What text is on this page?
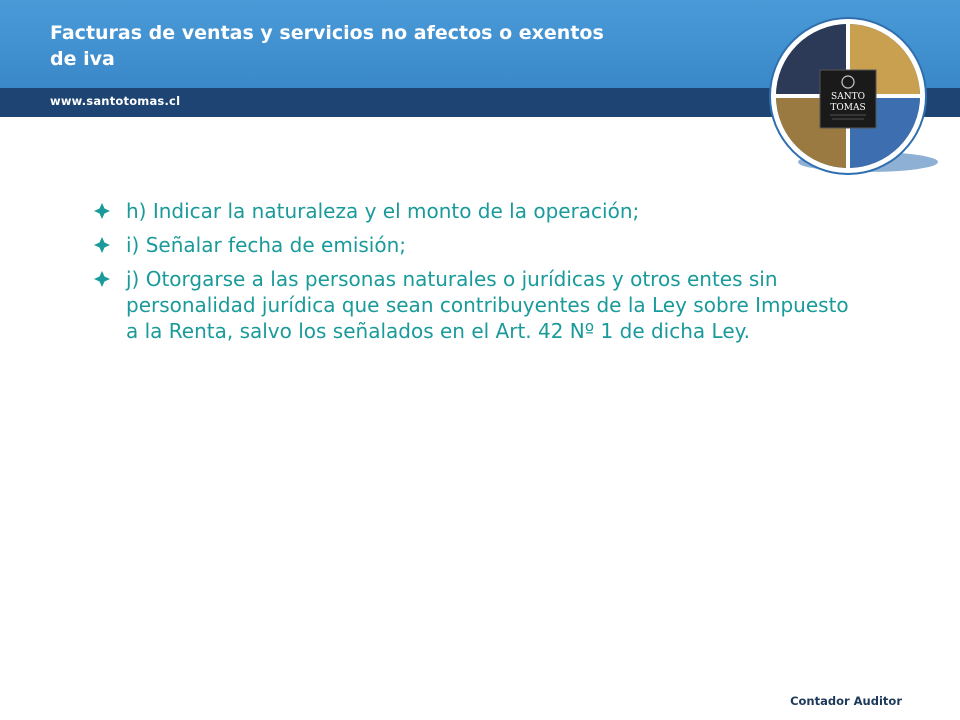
Facturas de ventas y servicios no afectos o exentos de iva
www.santotomas.cl	SANTO
TOMAS
h) Indicar la naturaleza y el monto de la operación;
i) Señalar fecha de emisión;
j) Otorgarse a las personas naturales o jurídicas y otros entes sin personalidad jurídica que sean contribuyentes de la Ley sobre Impuesto a la Renta, salvo los señalados en el Art. 42 Nº 1 de dicha Ley.
Contador Auditor
